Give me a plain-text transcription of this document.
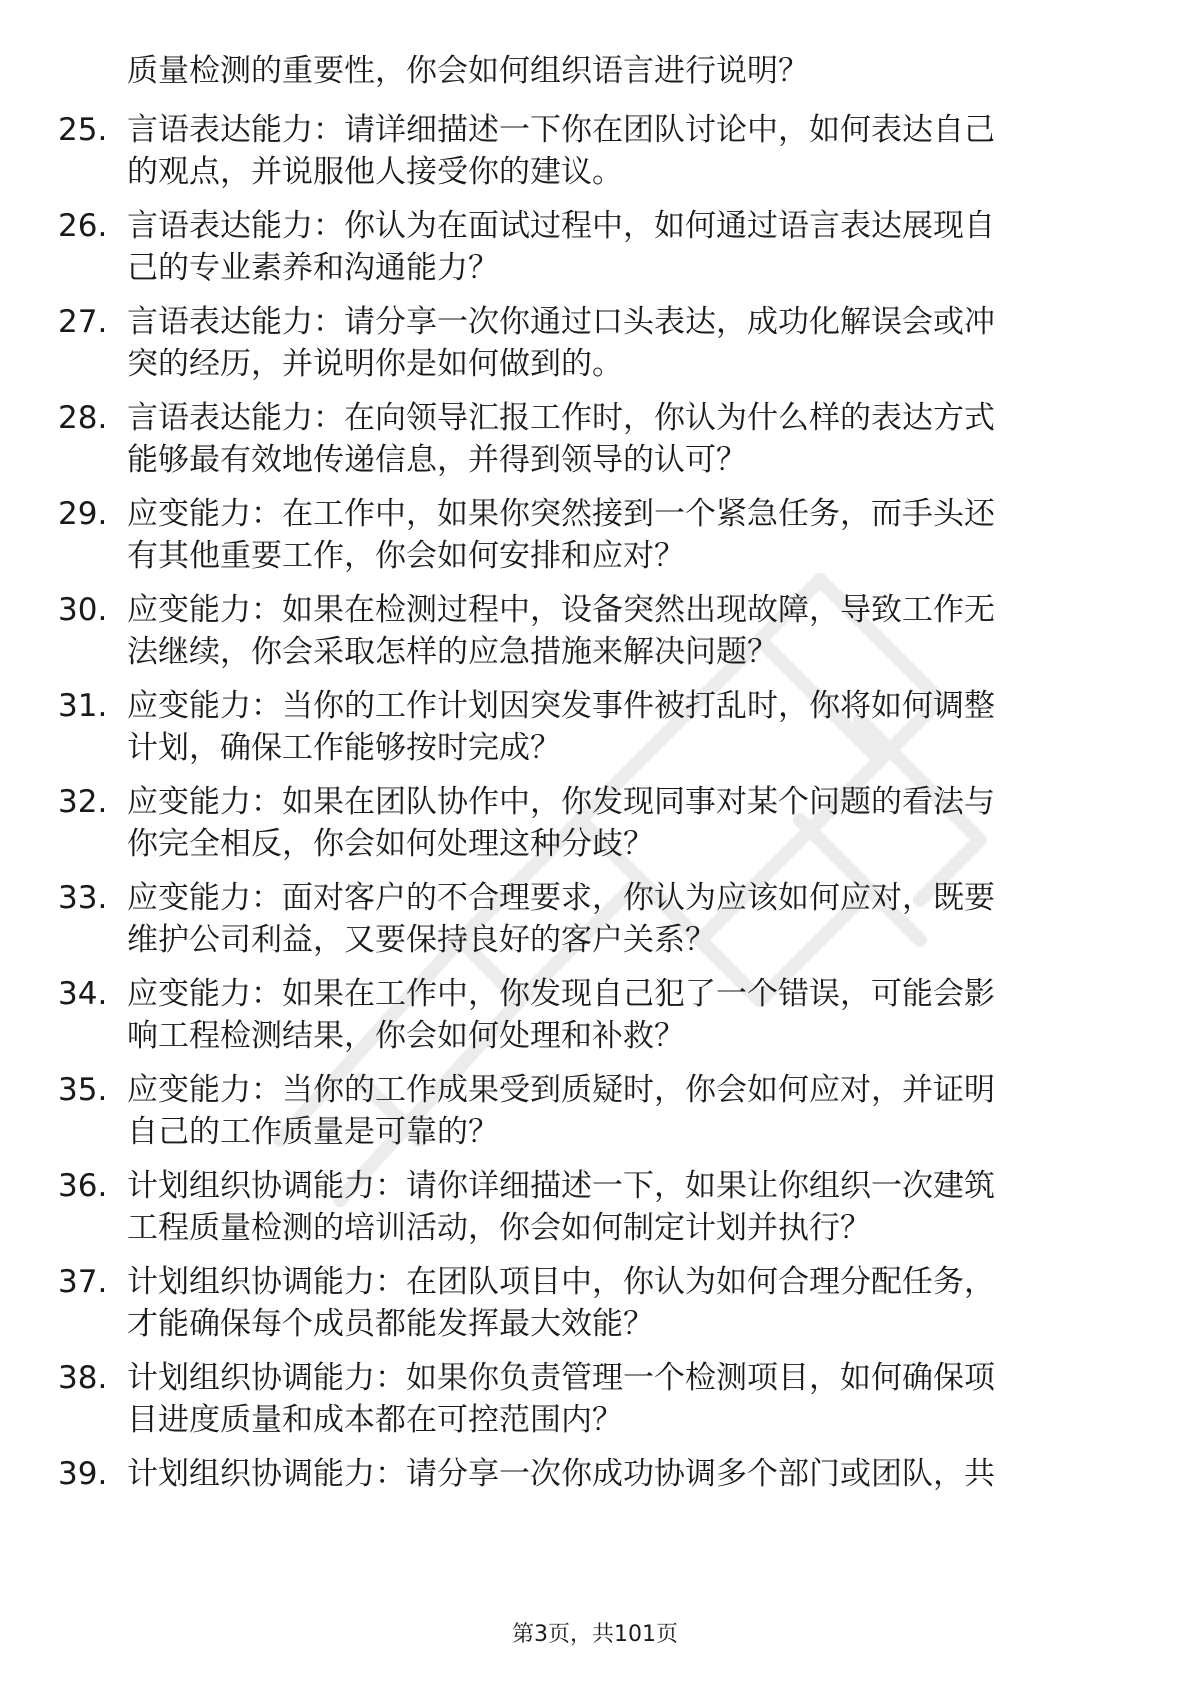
质量检测的重要性，你会如何组织语言进行说明？
25. 言语表达能力：请详细描述一下你在团队讨论中，如何表达自己
的观点，并说服他人接受你的建议。
26. 言语表达能力：你认为在面试过程中，如何通过语言表达展现自
己的专业素养和沟通能力？
27. 言语表达能力：请分享一次你通过口头表达，成功化解误会或冲
突的经历，并说明你是如何做到的。
28. 言语表达能力：在向领导汇报工作时，你认为什么样的表达方式
能够最有效地传递信息，并得到领导的认可？
29. 应变能力：在工作中，如果你突然接到一个紧急任务，而手头还
有其他重要工作，你会如何安排和应对？
30. 应变能力：如果在检测过程中，设备突然出现故障，导致工作无
法继续，你会采取怎样的应急措施来解决问题？
31. 应变能力：当你的工作计划因突发事件被打乱时，你将如何调整
计划，确保工作能够按时完成？
32. 应变能力：如果在团队协作中，你发现同事对某个问题的看法与
你完全相反，你会如何处理这种分歧？
33. 应变能力：面对客户的不合理要求，你认为应该如何应对，既要
维护公司利益，又要保持良好的客户关系？
34. 应变能力：如果在工作中，你发现自己犯了一个错误，可能会影
响工程检测结果，你会如何处理和补救？
35. 应变能力：当你的工作成果受到质疑时，你会如何应对，并证明
自己的工作质量是可靠的？
36. 计划组织协调能力：请你详细描述一下，如果让你组织一次建筑
工程质量检测的培训活动，你会如何制定计划并执行？
37. 计划组织协调能力：在团队项目中，你认为如何合理分配任务，
才能确保每个成员都能发挥最大效能？
38. 计划组织协调能力：如果你负责管理一个检测项目，如何确保项
目进度质量和成本都在可控范围内？
39. 计划组织协调能力：请分享一次你成功协调多个部门或团队，共
第3页，共101页
